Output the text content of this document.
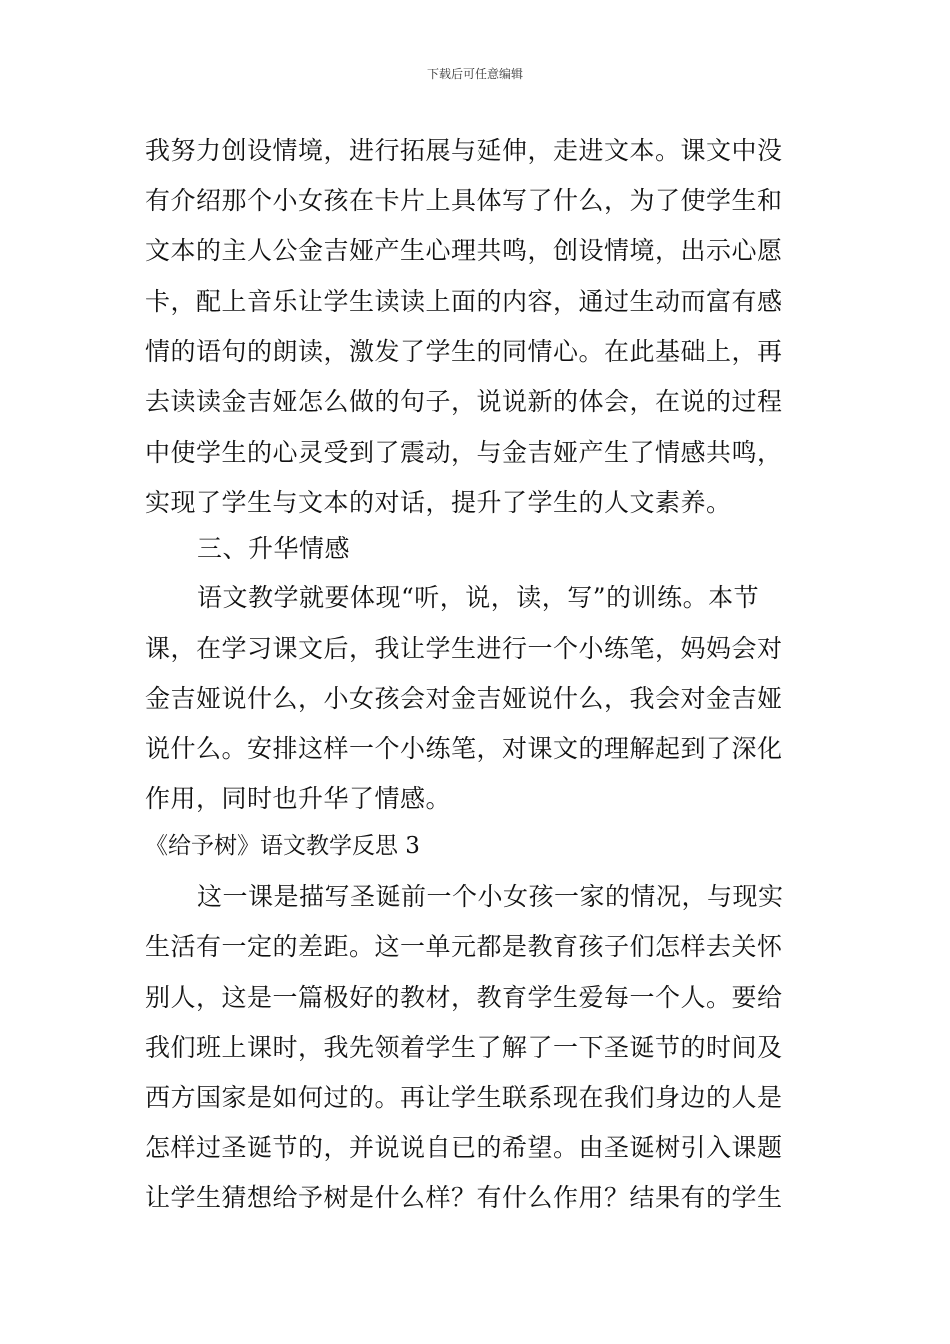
下载后可任意编辑
我努力创设情境，进行拓展与延伸，走进文本。课文中没
有介绍那个小女孩在卡片上具体写了什么，为了使学生和
文本的主人公金吉娅产生心理共鸣，创设情境，出示心愿
卡，配上音乐让学生读读上面的内容，通过生动而富有感
情的语句的朗读，激发了学生的同情心。在此基础上，再
去读读金吉娅怎么做的句子，说说新的体会，在说的过程
中使学生的心灵受到了震动，与金吉娅产生了情感共鸣，
实现了学生与文本的对话，提升了学生的人文素养。
三、升华情感
语文教学就要体现“听，说，读，写”的训练。本节
课，在学习课文后，我让学生进行一个小练笔，妈妈会对
金吉娅说什么，小女孩会对金吉娅说什么，我会对金吉娅
说什么。安排这样一个小练笔，对课文的理解起到了深化
作用，同时也升华了情感。
《给予树》语文教学反思 3
这一课是描写圣诞前一个小女孩一家的情况，与现实
生活有一定的差距。这一单元都是教育孩子们怎样去关怀
别人，这是一篇极好的教材，教育学生爱每一个人。要给
我们班上课时，我先领着学生了解了一下圣诞节的时间及
西方国家是如何过的。再让学生联系现在我们身边的人是
怎样过圣诞节的，并说说自已的希望。由圣诞树引入课题
让学生猜想给予树是什么样？有什么作用？结果有的学生
